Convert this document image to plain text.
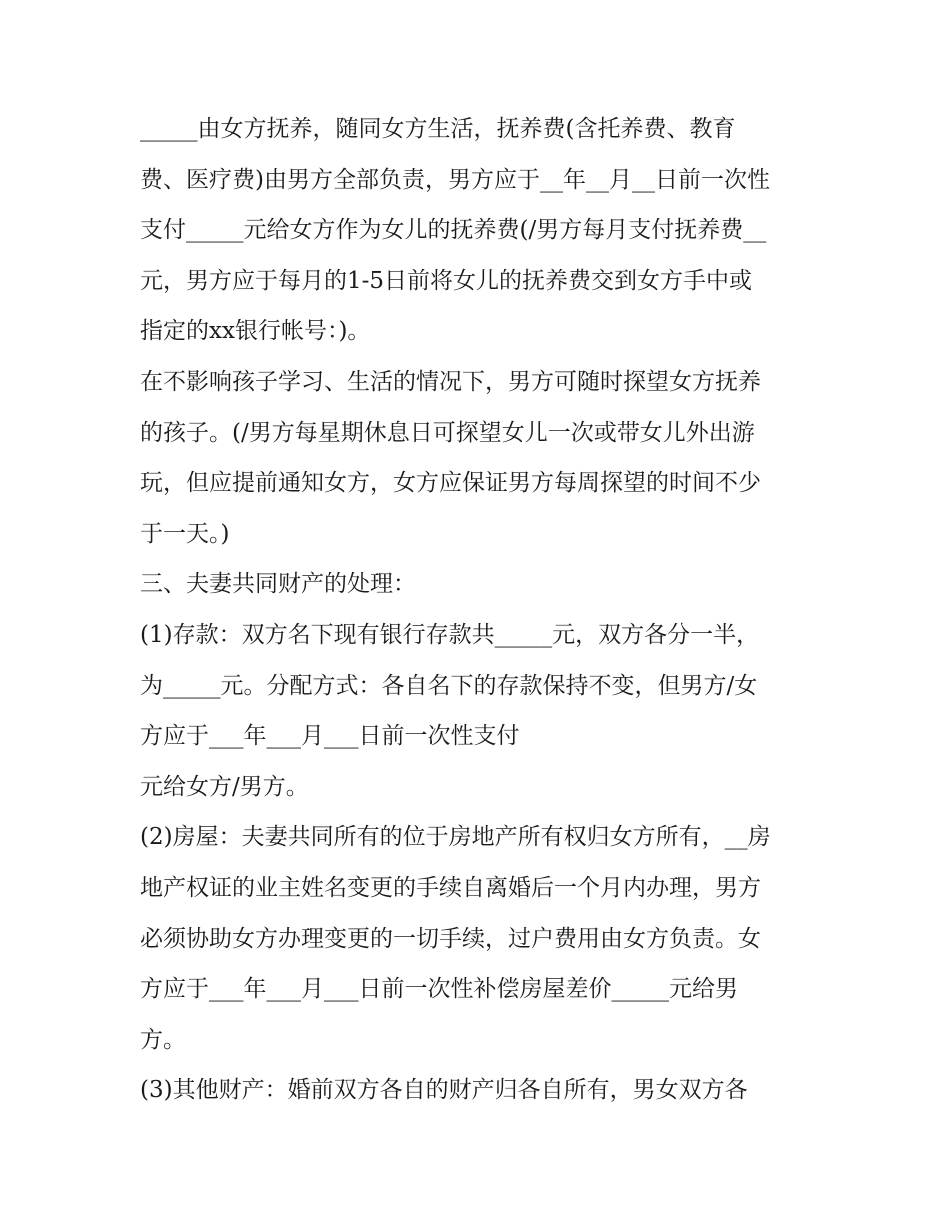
_____由女方抚养，随同女方生活，抚养费(含托养费、教育
费、医疗费)由男方全部负责，男方应于__年__月__日前一次性
支付_____元给女方作为女儿的抚养费(/男方每月支付抚养费__
元，男方应于每月的1-5日前将女儿的抚养费交到女方手中或
指定的xx银行帐号：)。
在不影响孩子学习、生活的情况下，男方可随时探望女方抚养
的孩子。(/男方每星期休息日可探望女儿一次或带女儿外出游
玩，但应提前通知女方，女方应保证男方每周探望的时间不少
于一天。)
三、夫妻共同财产的处理：
(1)存款：双方名下现有银行存款共_____元，双方各分一半，
为_____元。分配方式：各自名下的存款保持不变，但男方/女
方应于___年___月___日前一次性支付
元给女方/男方。
(2)房屋：夫妻共同所有的位于房地产所有权归女方所有，__房
地产权证的业主姓名变更的手续自离婚后一个月内办理，男方
必须协助女方办理变更的一切手续，过户费用由女方负责。女
方应于___年___月___日前一次性补偿房屋差价_____元给男
方。
(3)其他财产：婚前双方各自的财产归各自所有，男女双方各
